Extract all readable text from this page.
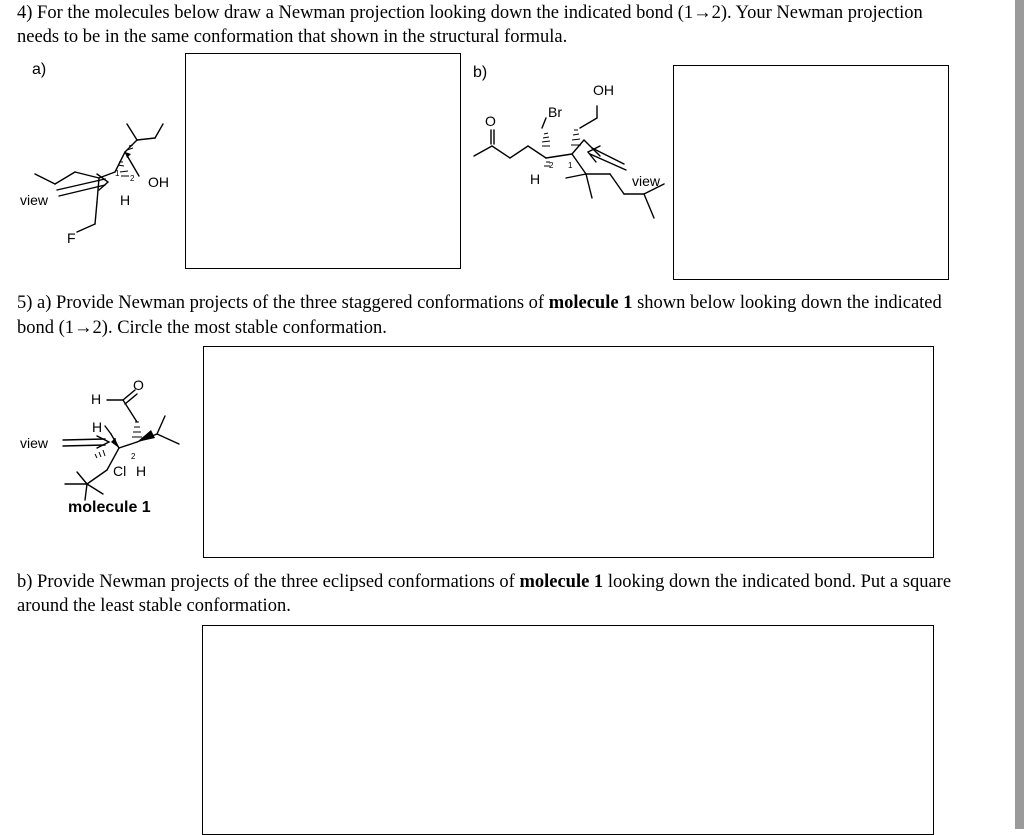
4) For the molecules below draw a Newman projection looking down the indicated bond (1→2). Your Newman projection needs to be in the same conformation that shown in the structural formula.
a)	b)
1
2 OH
H
view
F
Br
OH
O
H
2 1
view
5) a) Provide Newman projects of the three staggered conformations of molecule 1 shown below looking down the indicated bond (1→2). Circle the most stable conformation.
H
H
O
1
2
Cl H
view
molecule 1
b) Provide Newman projects of the three eclipsed conformations of molecule 1 looking down the indicated bond. Put a square around the least stable conformation.
